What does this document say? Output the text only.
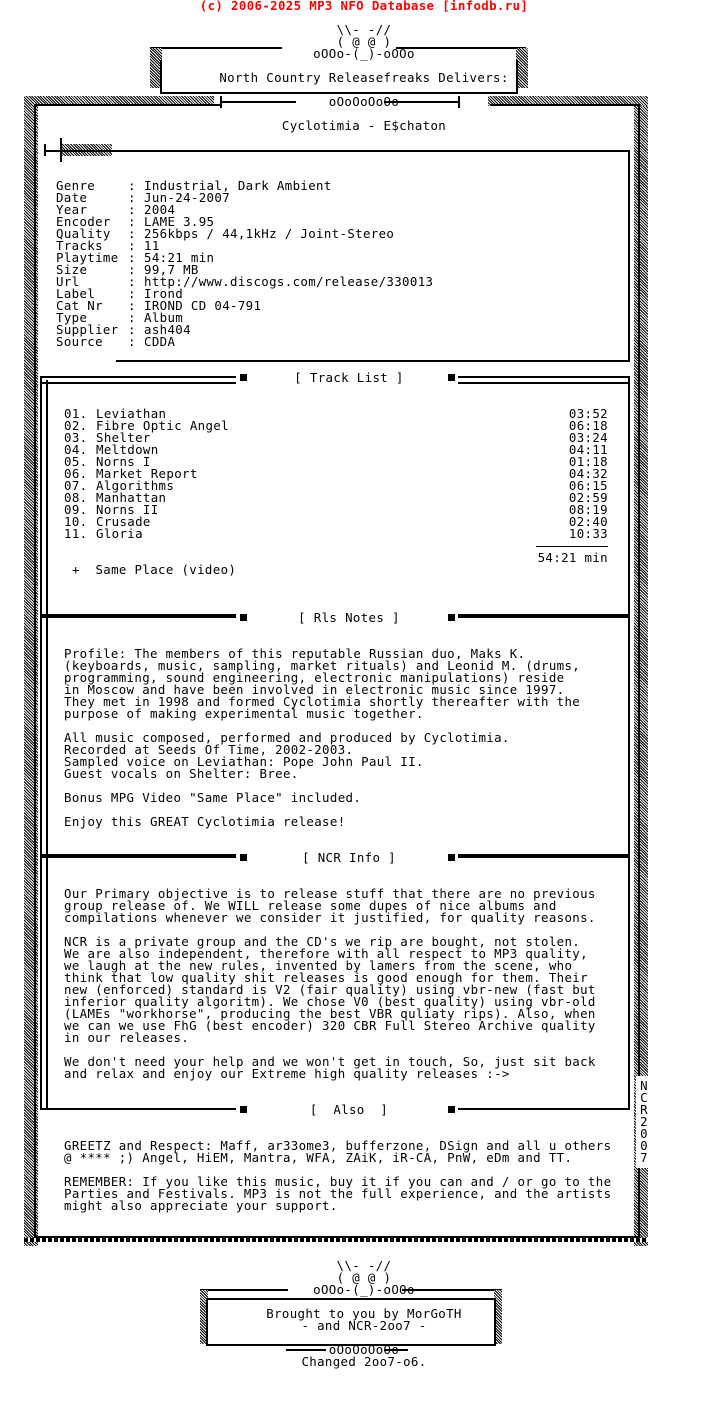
(c) 2006-2025 MP3 NFO Database [infodb.ru]
\\- -//
( @ @ )
oOOo-(_)-oOOo
North Country Releasefreaks Delivers:
oOoOoOoOo
Cyclotimia - E$chaton
Genre	: Industrial, Dark Ambient
Date	: Jun-24-2007
Year	: 2004
Encoder : LAME 3.95
Quality : 256kbps / 44,1kHz / Joint-Stereo
Tracks : 11
Playtime : 54:21 min
Size	: 99,7 MB
Url	: http://www.discogs.com/release/330013
Label	: Irond
Cat Nr : IROND CD 04-791
Type	: Album
Supplier : ash404
Source : CDDA
[ Track List ]
01. Leviathan	03:52
02. Fibre Optic Angel	06:18
03. Shelter	03:24
04. Meltdown	04:11
05. Norns I	01:18
06. Market Report	04:32
07. Algorithms	06:15
08. Manhattan	02:59
09. Norns II	08:19
10. Crusade	02:40
11. Gloria	10:33
54:21 min
+  Same Place (video)
[ Rls Notes ]
Profile: The members of this reputable Russian duo, Maks K.
(keyboards, music, sampling, market rituals) and Leonid M. (drums,
programming, sound engineering, electronic manipulations) reside
in Moscow and have been involved in electronic music since 1997.
They met in 1998 and formed Cyclotimia shortly thereafter with the
purpose of making experimental music together.
All music composed, performed and produced by Cyclotimia.
Recorded at Seeds Of Time, 2002-2003.
Sampled voice on Leviathan: Pope John Paul II.
Guest vocals on Shelter: Bree.
Bonus MPG Video "Same Place" included.
Enjoy this GREAT Cyclotimia release!
[ NCR Info ]
Our Primary objective is to release stuff that there are no previous
group release of. We WILL release some dupes of nice albums and
compilations whenever we consider it justified, for quality reasons.
NCR is a private group and the CD's we rip are bought, not stolen.
We are also independent, therefore with all respect to MP3 quality,
we laugh at the new rules, invented by lamers from the scene, who
think that low quality shit releases is good enough for them. Their
new (enforced) standard is V2 (fair quality) using vbr-new (fast but
inferior quality algoritm). We chose V0 (best quality) using vbr-old
(LAMEs "workhorse", producing the best VBR quliaty rips). Also, when
we can we use FhG (best encoder) 320 CBR Full Stereo Archive quality
in our releases.
We don't need your help and we won't get in touch, So, just sit back
and relax and enjoy our Extreme high quality releases :->
[  Also  ]
GREETZ and Respect: Maff, ar33ome3, bufferzone, DSign and all u others
@ **** ;) Angel, HiEM, Mantra, WFA, ZAiK, iR-CA, PnW, eDm and TT.
REMEMBER: If you like this music, buy it if you can and / or go to the
Parties and Festivals. MP3 is not the full experience, and the artists
might also appreciate your support.
N
C
R
2
0
0
7
\\- -//
( @ @ )
oOOo-(_)-oOOo
Brought to you by MorGoTH
- and NCR-2oo7 -
oOoOoOoOo
Changed 2oo7-o6.
